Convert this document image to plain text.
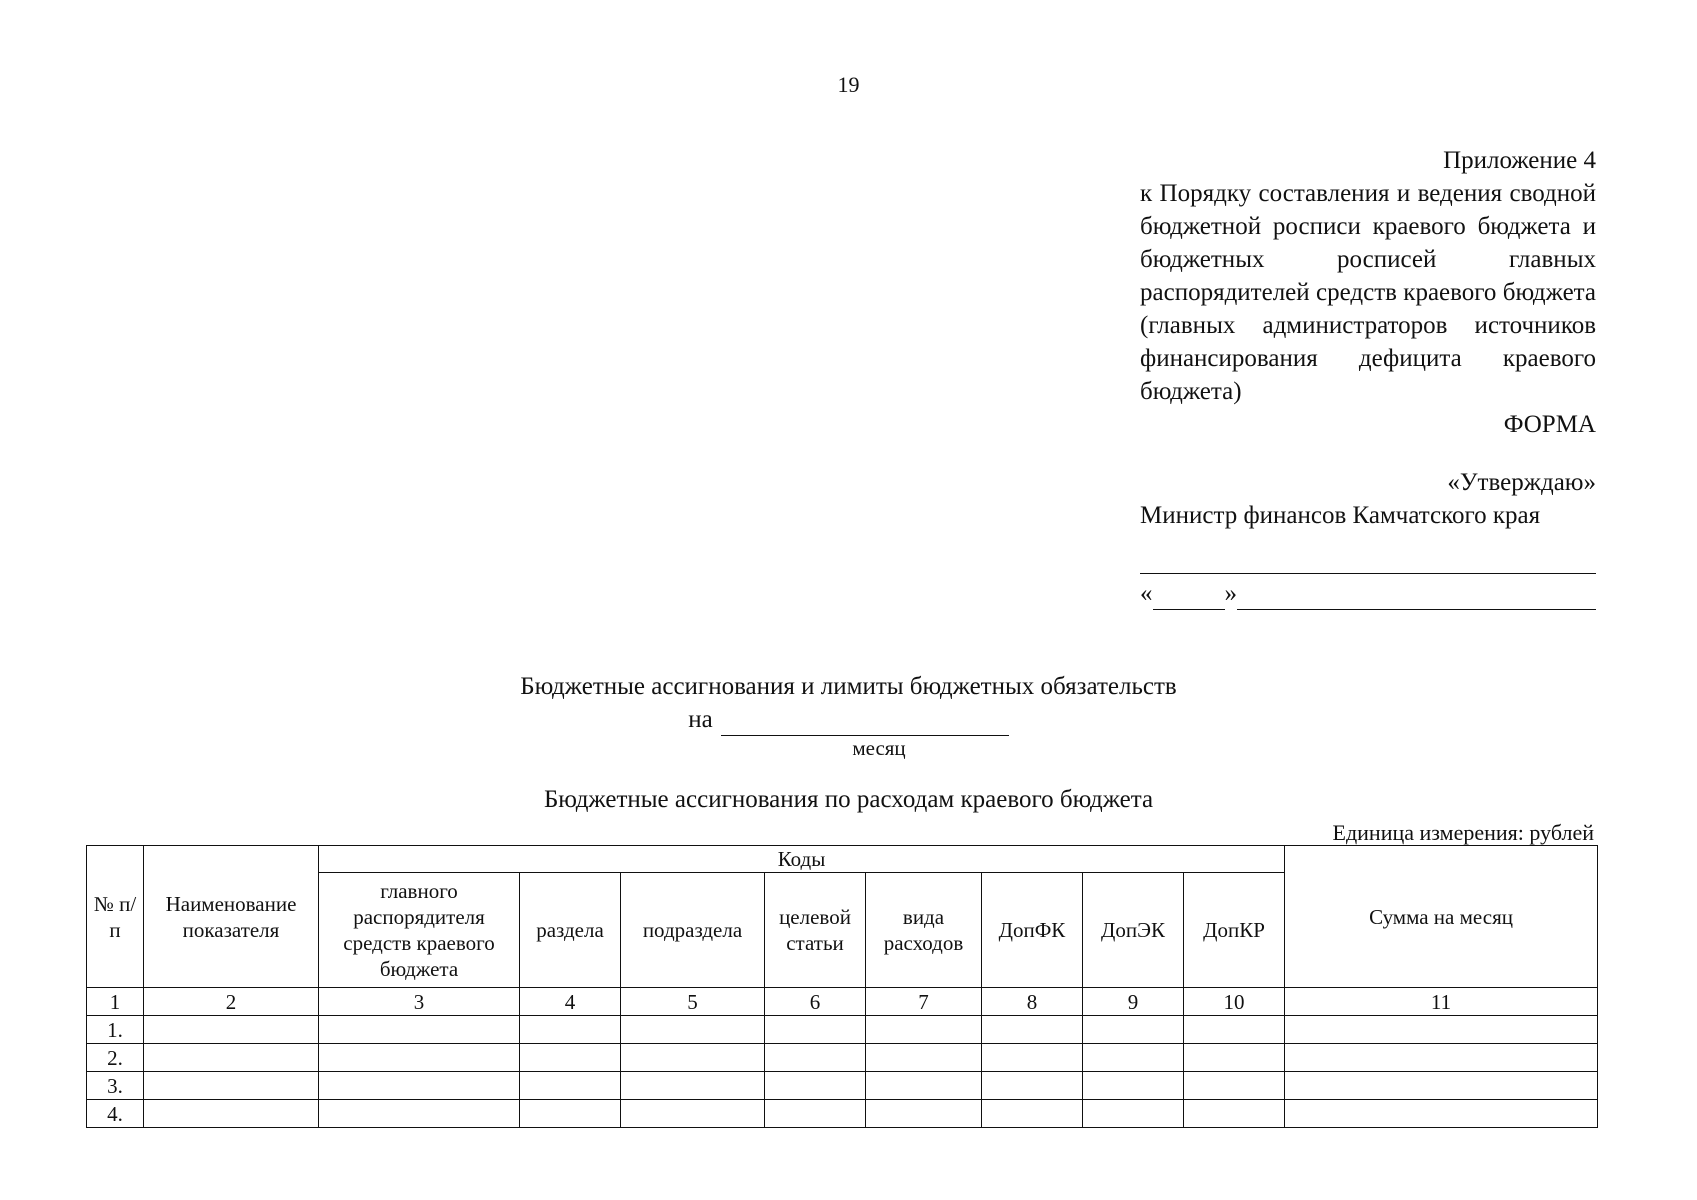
19
Приложение 4
к Порядку составления и ведения сводной бюджетной росписи краевого бюджета и бюджетных росписей главных распорядителей средств краевого бюджета (главных администраторов источников финансирования дефицита краевого бюджета)
ФОРМА
«Утверждаю»
Министр финансов Камчатского края
«	»
Бюджетные ассигнования и лимиты бюджетных обязательств
на
месяц
Бюджетные ассигнования по расходам краевого бюджета
Единица измерения: рублей
№ п/п	Наименование показателя	Коды								Сумма на месяц
		главного распорядителя средств краевого бюджета	раздела	подраздела	целевой статьи	вида расходов	ДопФК	ДопЭК	ДопКР	
1	2	3	4	5	6	7	8	9	10	11
1.										
2.										
3.										
4.										
